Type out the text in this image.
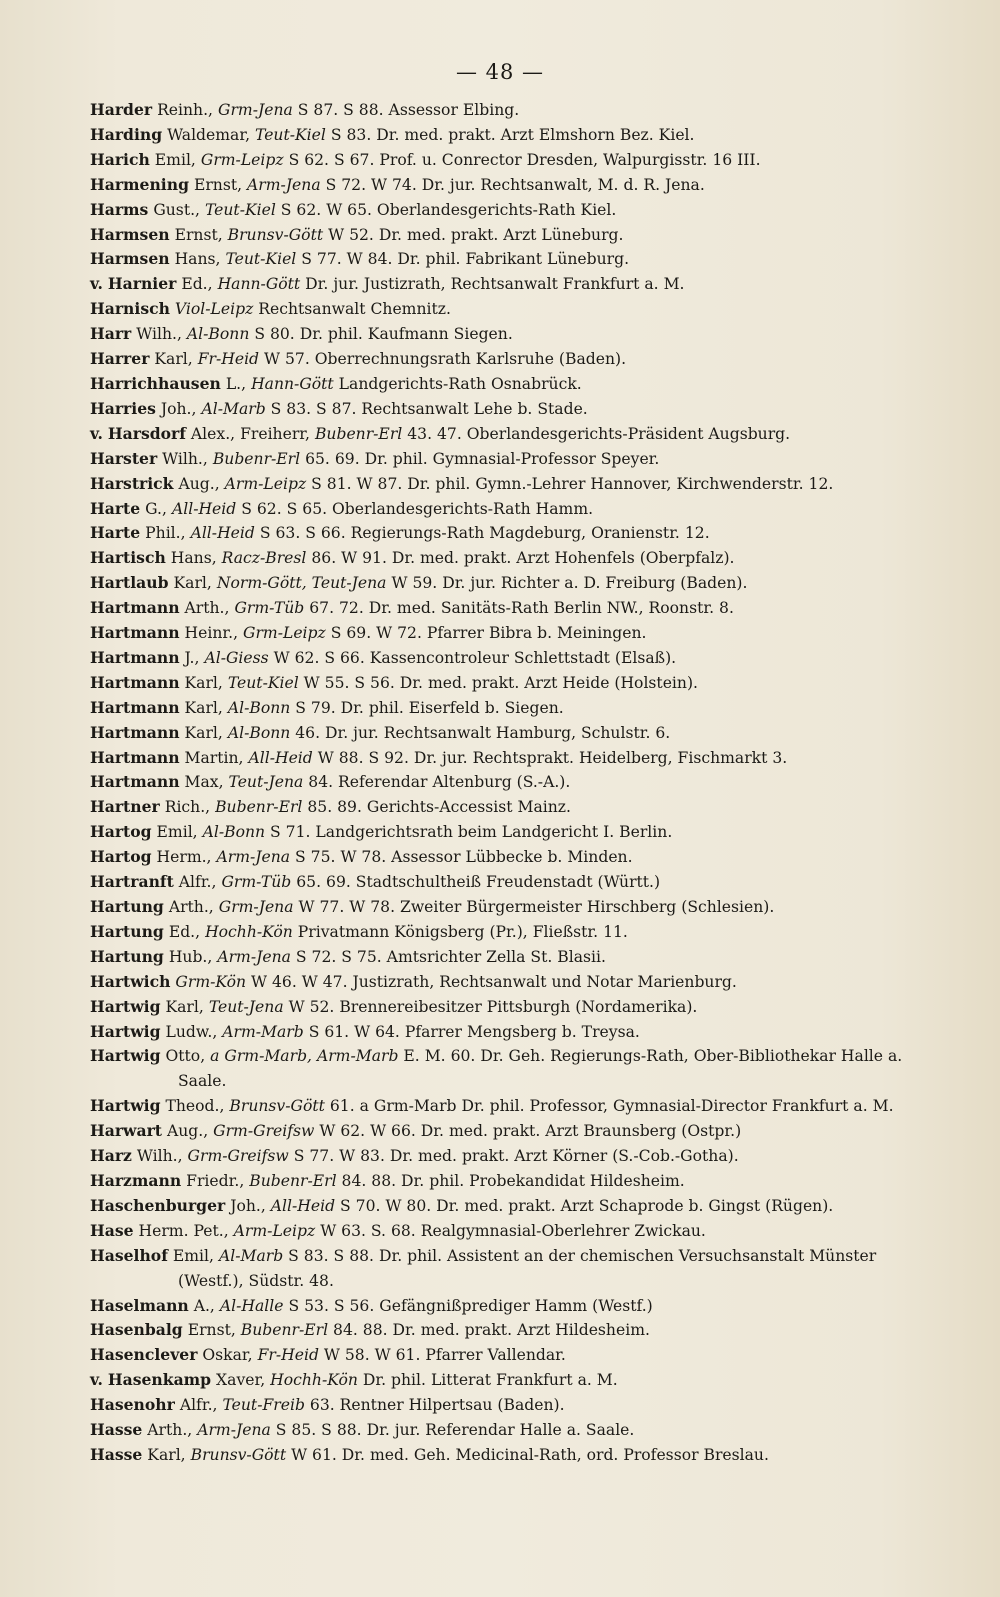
— 48 —
Harder Reinh., Grm-Jena S 87. S 88. Assessor Elbing.
Harding Waldemar, Teut-Kiel S 83. Dr. med. prakt. Arzt Elmshorn Bez. Kiel.
Harich Emil, Grm-Leipz S 62. S 67. Prof. u. Conrector Dresden, Walpurgisstr. 16 III.
Harmening Ernst, Arm-Jena S 72. W 74. Dr. jur. Rechtsanwalt, M. d. R. Jena.
Harms Gust., Teut-Kiel S 62. W 65. Oberlandesgerichts-Rath Kiel.
Harmsen Ernst, Brunsv-Gött W 52. Dr. med. prakt. Arzt Lüneburg.
Harmsen Hans, Teut-Kiel S 77. W 84. Dr. phil. Fabrikant Lüneburg.
v. Harnier Ed., Hann-Gött Dr. jur. Justizrath, Rechtsanwalt Frankfurt a. M.
Harnisch Viol-Leipz Rechtsanwalt Chemnitz.
Harr Wilh., Al-Bonn S 80. Dr. phil. Kaufmann Siegen.
Harrer Karl, Fr-Heid W 57. Oberrechnungsrath Karlsruhe (Baden).
Harrichhausen L., Hann-Gött Landgerichts-Rath Osnabrück.
Harries Joh., Al-Marb S 83. S 87. Rechtsanwalt Lehe b. Stade.
v. Harsdorf Alex., Freiherr, Bubenr-Erl 43. 47. Oberlandesgerichts-Präsident Augsburg.
Harster Wilh., Bubenr-Erl 65. 69. Dr. phil. Gymnasial-Professor Speyer.
Harstrick Aug., Arm-Leipz S 81. W 87. Dr. phil. Gymn.-Lehrer Hannover, Kirchwenderstr. 12.
Harte G., All-Heid S 62. S 65. Oberlandesgerichts-Rath Hamm.
Harte Phil., All-Heid S 63. S 66. Regierungs-Rath Magdeburg, Oranienstr. 12.
Hartisch Hans, Racz-Bresl 86. W 91. Dr. med. prakt. Arzt Hohenfels (Oberpfalz).
Hartlaub Karl, Norm-Gött, Teut-Jena W 59. Dr. jur. Richter a. D. Freiburg (Baden).
Hartmann Arth., Grm-Tüb 67. 72. Dr. med. Sanitäts-Rath Berlin NW., Roonstr. 8.
Hartmann Heinr., Grm-Leipz S 69. W 72. Pfarrer Bibra b. Meiningen.
Hartmann J., Al-Giess W 62. S 66. Kassencontroleur Schlettstadt (Elsaß).
Hartmann Karl, Teut-Kiel W 55. S 56. Dr. med. prakt. Arzt Heide (Holstein).
Hartmann Karl, Al-Bonn S 79. Dr. phil. Eiserfeld b. Siegen.
Hartmann Karl, Al-Bonn 46. Dr. jur. Rechtsanwalt Hamburg, Schulstr. 6.
Hartmann Martin, All-Heid W 88. S 92. Dr. jur. Rechtsprakt. Heidelberg, Fischmarkt 3.
Hartmann Max, Teut-Jena 84. Referendar Altenburg (S.-A.).
Hartner Rich., Bubenr-Erl 85. 89. Gerichts-Accessist Mainz.
Hartog Emil, Al-Bonn S 71. Landgerichtsrath beim Landgericht I. Berlin.
Hartog Herm., Arm-Jena S 75. W 78. Assessor Lübbecke b. Minden.
Hartranft Alfr., Grm-Tüb 65. 69. Stadtschultheiß Freudenstadt (Württ.)
Hartung Arth., Grm-Jena W 77. W 78. Zweiter Bürgermeister Hirschberg (Schlesien).
Hartung Ed., Hochh-Kön Privatmann Königsberg (Pr.), Fließstr. 11.
Hartung Hub., Arm-Jena S 72. S 75. Amtsrichter Zella St. Blasii.
Hartwich Grm-Kön W 46. W 47. Justizrath, Rechtsanwalt und Notar Marienburg.
Hartwig Karl, Teut-Jena W 52. Brennereibesitzer Pittsburgh (Nordamerika).
Hartwig Ludw., Arm-Marb S 61. W 64. Pfarrer Mengsberg b. Treysa.
Hartwig Otto, a Grm-Marb, Arm-Marb E. M. 60. Dr. Geh. Regierungs-Rath, Ober-Bibliothekar Halle a. Saale.
Hartwig Theod., Brunsv-Gött 61. a Grm-Marb Dr. phil. Professor, Gymnasial-Director Frankfurt a. M.
Harwart Aug., Grm-Greifsw W 62. W 66. Dr. med. prakt. Arzt Braunsberg (Ostpr.)
Harz Wilh., Grm-Greifsw S 77. W 83. Dr. med. prakt. Arzt Körner (S.-Cob.-Gotha).
Harzmann Friedr., Bubenr-Erl 84. 88. Dr. phil. Probekandidat Hildesheim.
Haschenburger Joh., All-Heid S 70. W 80. Dr. med. prakt. Arzt Schaprode b. Gingst (Rügen).
Hase Herm. Pet., Arm-Leipz W 63. S. 68. Realgymnasial-Oberlehrer Zwickau.
Haselhof Emil, Al-Marb S 83. S 88. Dr. phil. Assistent an der chemischen Versuchsanstalt Münster (Westf.), Südstr. 48.
Haselmann A., Al-Halle S 53. S 56. Gefängnißprediger Hamm (Westf.)
Hasenbalg Ernst, Bubenr-Erl 84. 88. Dr. med. prakt. Arzt Hildesheim.
Hasenclever Oskar, Fr-Heid W 58. W 61. Pfarrer Vallendar.
v. Hasenkamp Xaver, Hochh-Kön Dr. phil. Litterat Frankfurt a. M.
Hasenohr Alfr., Teut-Freib 63. Rentner Hilpertsau (Baden).
Hasse Arth., Arm-Jena S 85. S 88. Dr. jur. Referendar Halle a. Saale.
Hasse Karl, Brunsv-Gött W 61. Dr. med. Geh. Medicinal-Rath, ord. Professor Breslau.
